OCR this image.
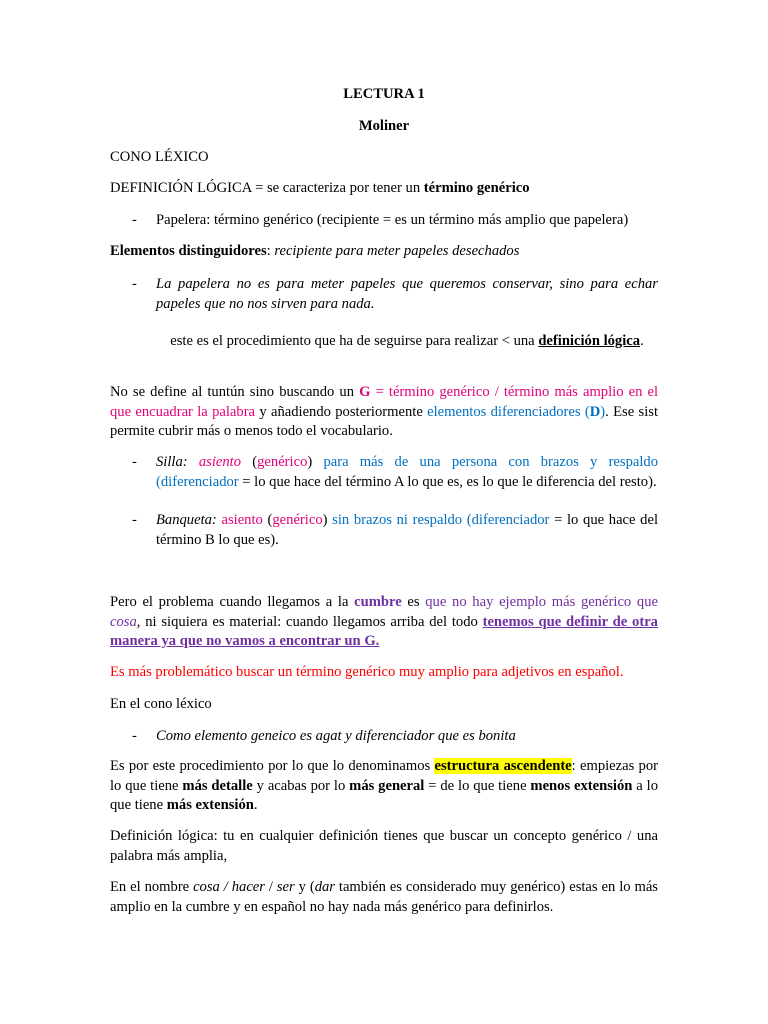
LECTURA 1

Moliner

CONO LÉXICO

DEFINICIÓN LÓGICA = se caracteriza por tener un término genérico

- Papelera: término genérico (recipiente = es un término más amplio que papelera)

Elementos distinguidores: recipiente para meter papeles desechados

- La papelera no es para meter papeles que queremos conservar, sino para echar papeles que no nos sirven para nada.

este es el procedimiento que ha de seguirse para realizar < una definición lógica.

No se define al tuntún sino buscando un G = término genérico / término más amplio en el que encuadrar la palabra y añadiendo posteriormente elementos diferenciadores (D). Ese sist permite cubrir más o menos todo el vocabulario.

- Silla: asiento (genérico) para más de una persona con brazos y respaldo (diferenciador = lo que hace del término A lo que es, es lo que le diferencia del resto).
- Banqueta: asiento (genérico) sin brazos ni respaldo (diferenciador = lo que hace del término B lo que es).

Pero el problema cuando llegamos a la cumbre es que no hay ejemplo más genérico que cosa, ni siquiera es material: cuando llegamos arriba del todo tenemos que definir de otra manera ya que no vamos a encontrar un G.

Es más problemático buscar un término genérico muy amplio para adjetivos en español.

En el cono léxico

- Como elemento geneico es agat y diferenciador que es bonita

Es por este procedimiento por lo que lo denominamos estructura ascendente: empiezas por lo que tiene más detalle y acabas por lo más general = de lo que tiene menos extensión a lo que tiene más extensión.

Definición lógica: tu en cualquier definición tienes que buscar un concepto genérico / una palabra más amplia,

En el nombre cosa / hacer / ser y (dar también es considerado muy genérico) estas en lo más amplio en la cumbre y en español no hay nada más genérico para definirlos.
